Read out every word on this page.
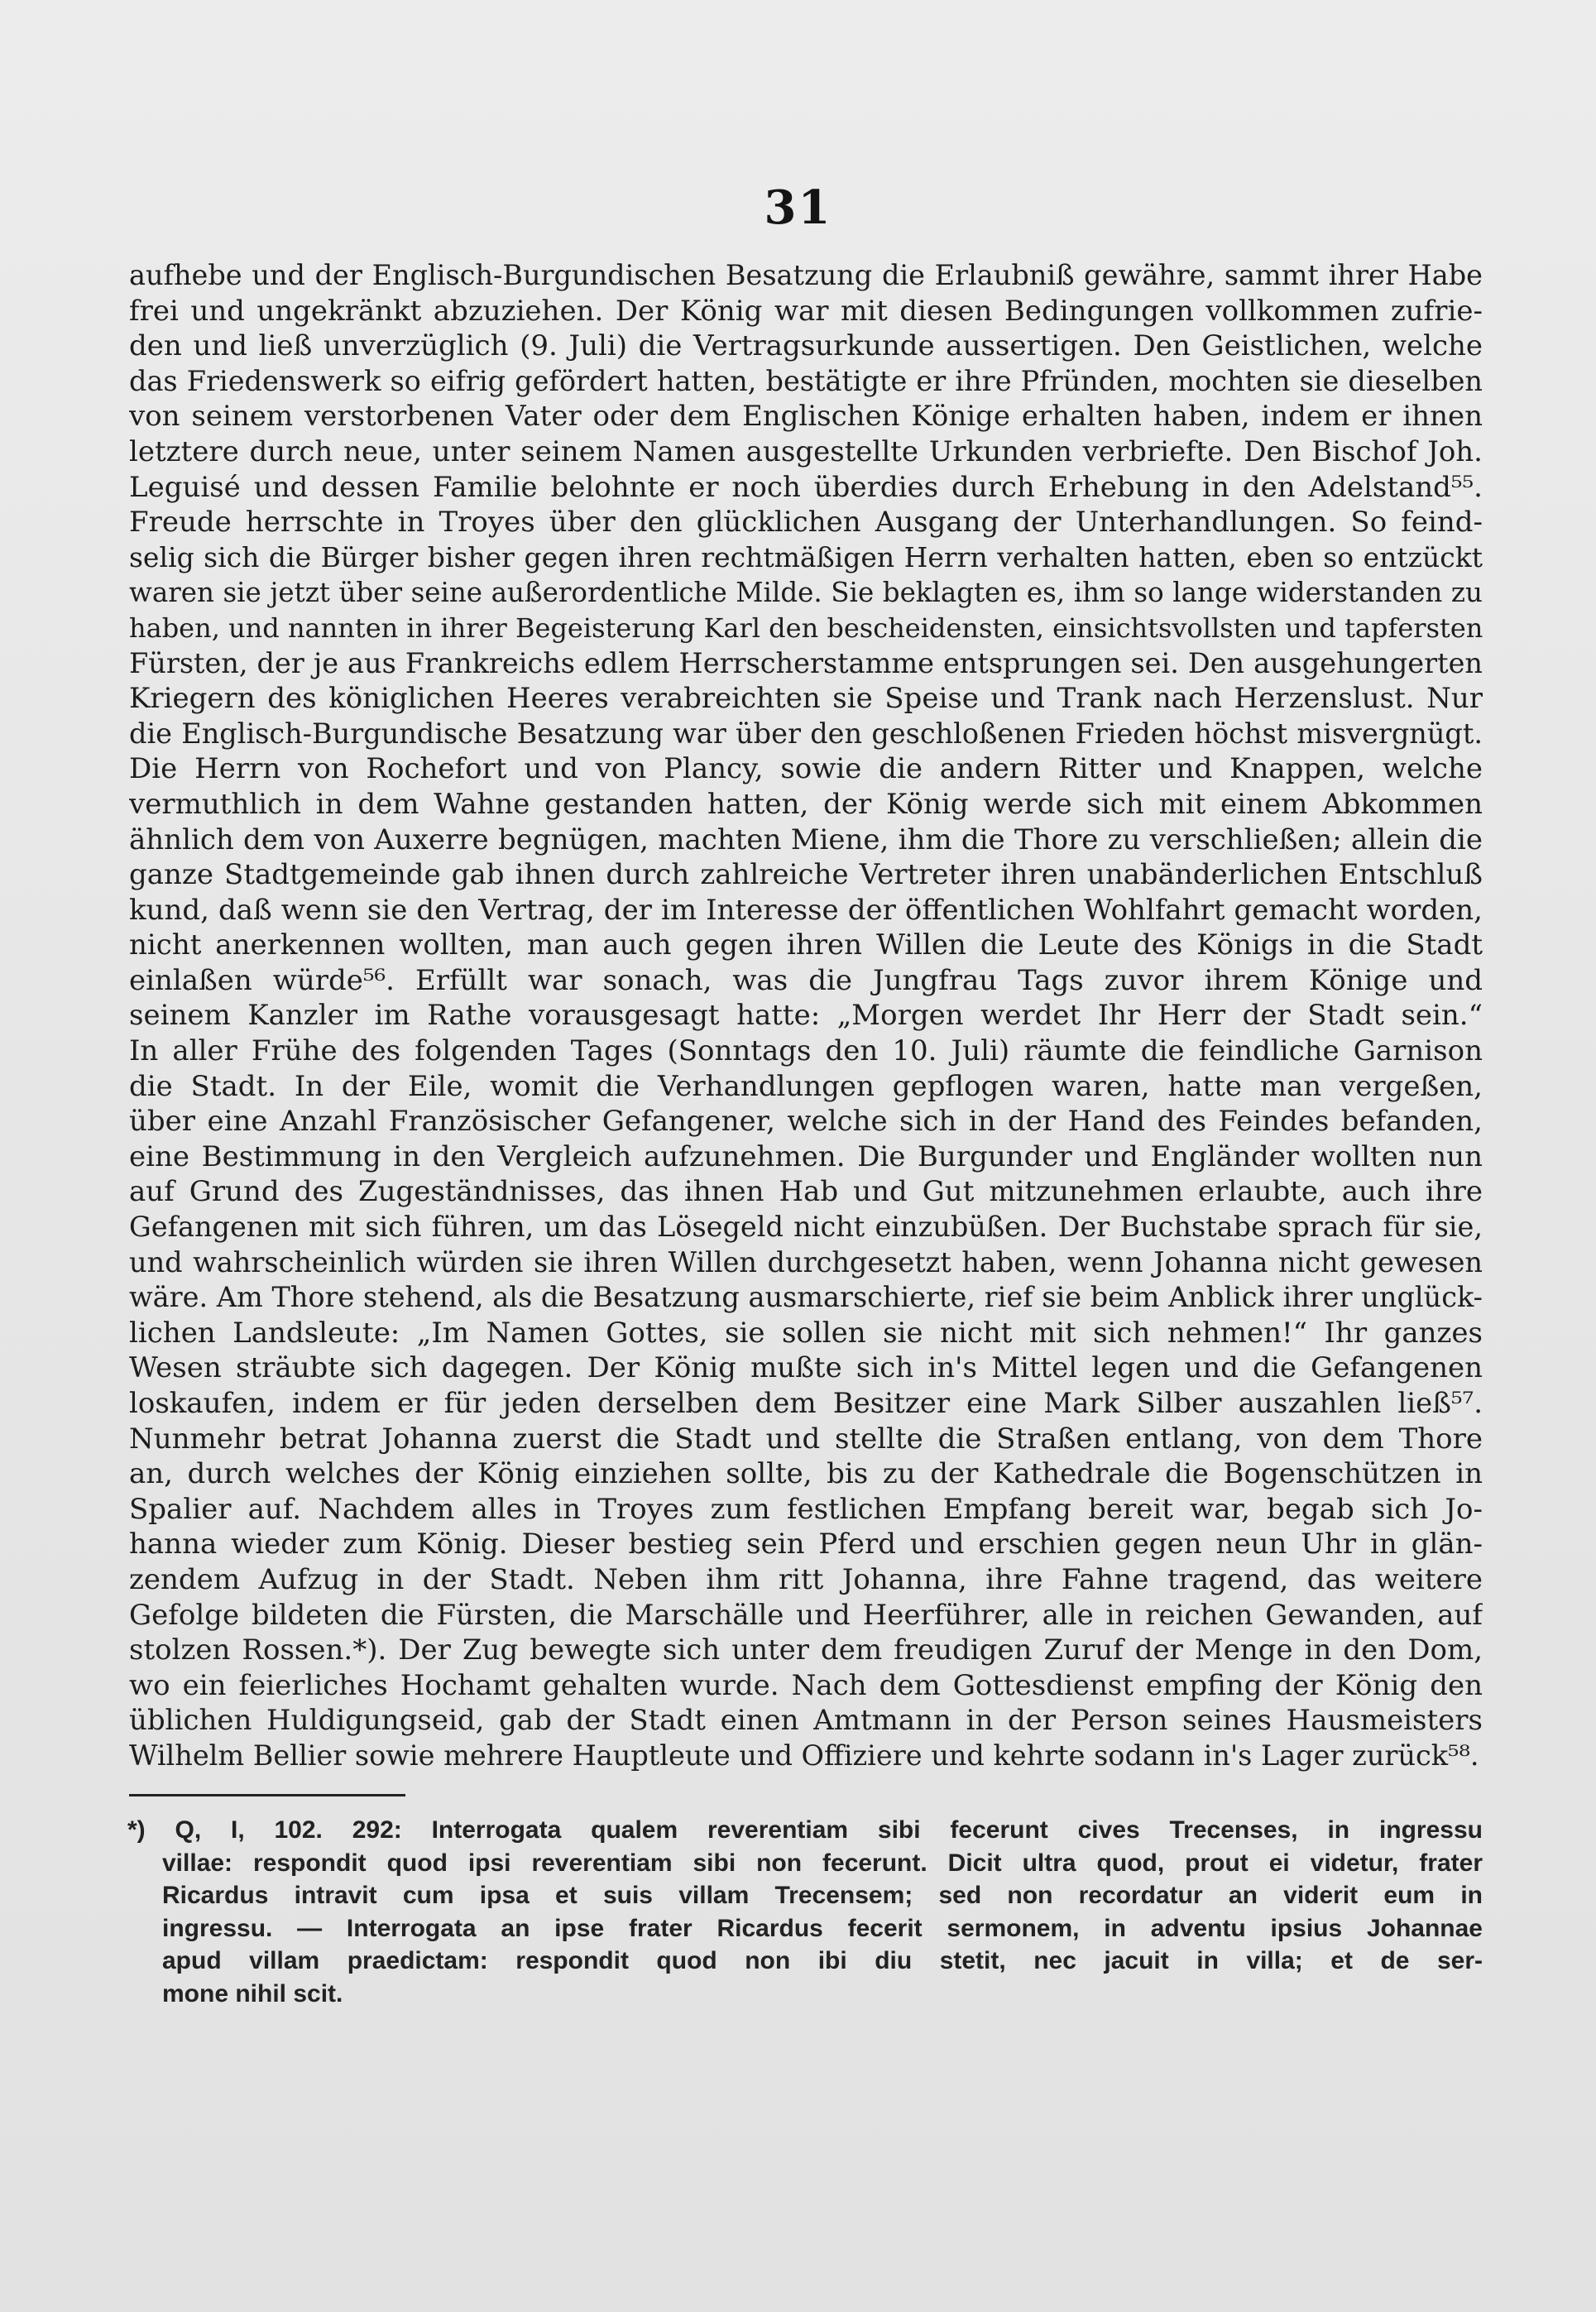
31
aufhebe und der Englisch-Burgundischen Besatzung die Erlaubniß gewähre, sammt ihrer Habe
frei und ungekränkt abzuziehen. Der König war mit diesen Bedingungen vollkommen zufrie-
den und ließ unverzüglich (9. Juli) die Vertragsurkunde aussertigen. Den Geistlichen, welche
das Friedenswerk so eifrig gefördert hatten, bestätigte er ihre Pfründen, mochten sie dieselben
von seinem verstorbenen Vater oder dem Englischen Könige erhalten haben, indem er ihnen
letztere durch neue, unter seinem Namen ausgestellte Urkunden verbriefte. Den Bischof Joh.
Leguisé und dessen Familie belohnte er noch überdies durch Erhebung in den Adelstand⁵⁵.
Freude herrschte in Troyes über den glücklichen Ausgang der Unterhandlungen. So feind-
selig sich die Bürger bisher gegen ihren rechtmäßigen Herrn verhalten hatten, eben so entzückt
waren sie jetzt über seine außerordentliche Milde. Sie beklagten es, ihm so lange widerstanden zu
haben, und nannten in ihrer Begeisterung Karl den bescheidensten, einsichtsvollsten und tapfersten
Fürsten, der je aus Frankreichs edlem Herrscherstamme entsprungen sei. Den ausgehungerten
Kriegern des königlichen Heeres verabreichten sie Speise und Trank nach Herzenslust. Nur
die Englisch-Burgundische Besatzung war über den geschloßenen Frieden höchst misvergnügt.
Die Herrn von Rochefort und von Plancy, sowie die andern Ritter und Knappen, welche
vermuthlich in dem Wahne gestanden hatten, der König werde sich mit einem Abkommen
ähnlich dem von Auxerre begnügen, machten Miene, ihm die Thore zu verschließen; allein die
ganze Stadtgemeinde gab ihnen durch zahlreiche Vertreter ihren unabänderlichen Entschluß
kund, daß wenn sie den Vertrag, der im Interesse der öffentlichen Wohlfahrt gemacht worden,
nicht anerkennen wollten, man auch gegen ihren Willen die Leute des Königs in die Stadt
einlaßen würde⁵⁶. Erfüllt war sonach, was die Jungfrau Tags zuvor ihrem Könige und
seinem Kanzler im Rathe vorausgesagt hatte: „Morgen werdet Ihr Herr der Stadt sein.“
In aller Frühe des folgenden Tages (Sonntags den 10. Juli) räumte die feindliche Garnison
die Stadt. In der Eile, womit die Verhandlungen gepflogen waren, hatte man vergeßen,
über eine Anzahl Französischer Gefangener, welche sich in der Hand des Feindes befanden,
eine Bestimmung in den Vergleich aufzunehmen. Die Burgunder und Engländer wollten nun
auf Grund des Zugeständnisses, das ihnen Hab und Gut mitzunehmen erlaubte, auch ihre
Gefangenen mit sich führen, um das Lösegeld nicht einzubüßen. Der Buchstabe sprach für sie,
und wahrscheinlich würden sie ihren Willen durchgesetzt haben, wenn Johanna nicht gewesen
wäre. Am Thore stehend, als die Besatzung ausmarschierte, rief sie beim Anblick ihrer unglück-
lichen Landsleute: „Im Namen Gottes, sie sollen sie nicht mit sich nehmen!“ Ihr ganzes
Wesen sträubte sich dagegen. Der König mußte sich in's Mittel legen und die Gefangenen
loskaufen, indem er für jeden derselben dem Besitzer eine Mark Silber auszahlen ließ⁵⁷.
Nunmehr betrat Johanna zuerst die Stadt und stellte die Straßen entlang, von dem Thore
an, durch welches der König einziehen sollte, bis zu der Kathedrale die Bogenschützen in
Spalier auf. Nachdem alles in Troyes zum festlichen Empfang bereit war, begab sich Jo-
hanna wieder zum König. Dieser bestieg sein Pferd und erschien gegen neun Uhr in glän-
zendem Aufzug in der Stadt. Neben ihm ritt Johanna, ihre Fahne tragend, das weitere
Gefolge bildeten die Fürsten, die Marschälle und Heerführer, alle in reichen Gewanden, auf
stolzen Rossen.*). Der Zug bewegte sich unter dem freudigen Zuruf der Menge in den Dom,
wo ein feierliches Hochamt gehalten wurde. Nach dem Gottesdienst empfing der König den
üblichen Huldigungseid, gab der Stadt einen Amtmann in der Person seines Hausmeisters
Wilhelm Bellier sowie mehrere Hauptleute und Offiziere und kehrte sodann in's Lager zurück⁵⁸.
*) Q, I, 102. 292: Interrogata qualem reverentiam sibi fecerunt cives Trecenses, in ingressu
villae: respondit quod ipsi reverentiam sibi non fecerunt. Dicit ultra quod, prout ei videtur, frater
Ricardus intravit cum ipsa et suis villam Trecensem; sed non recordatur an viderit eum in
ingressu. — Interrogata an ipse frater Ricardus fecerit sermonem, in adventu ipsius Johannae
apud villam praedictam: respondit quod non ibi diu stetit, nec jacuit in villa; et de ser-
mone nihil scit.
